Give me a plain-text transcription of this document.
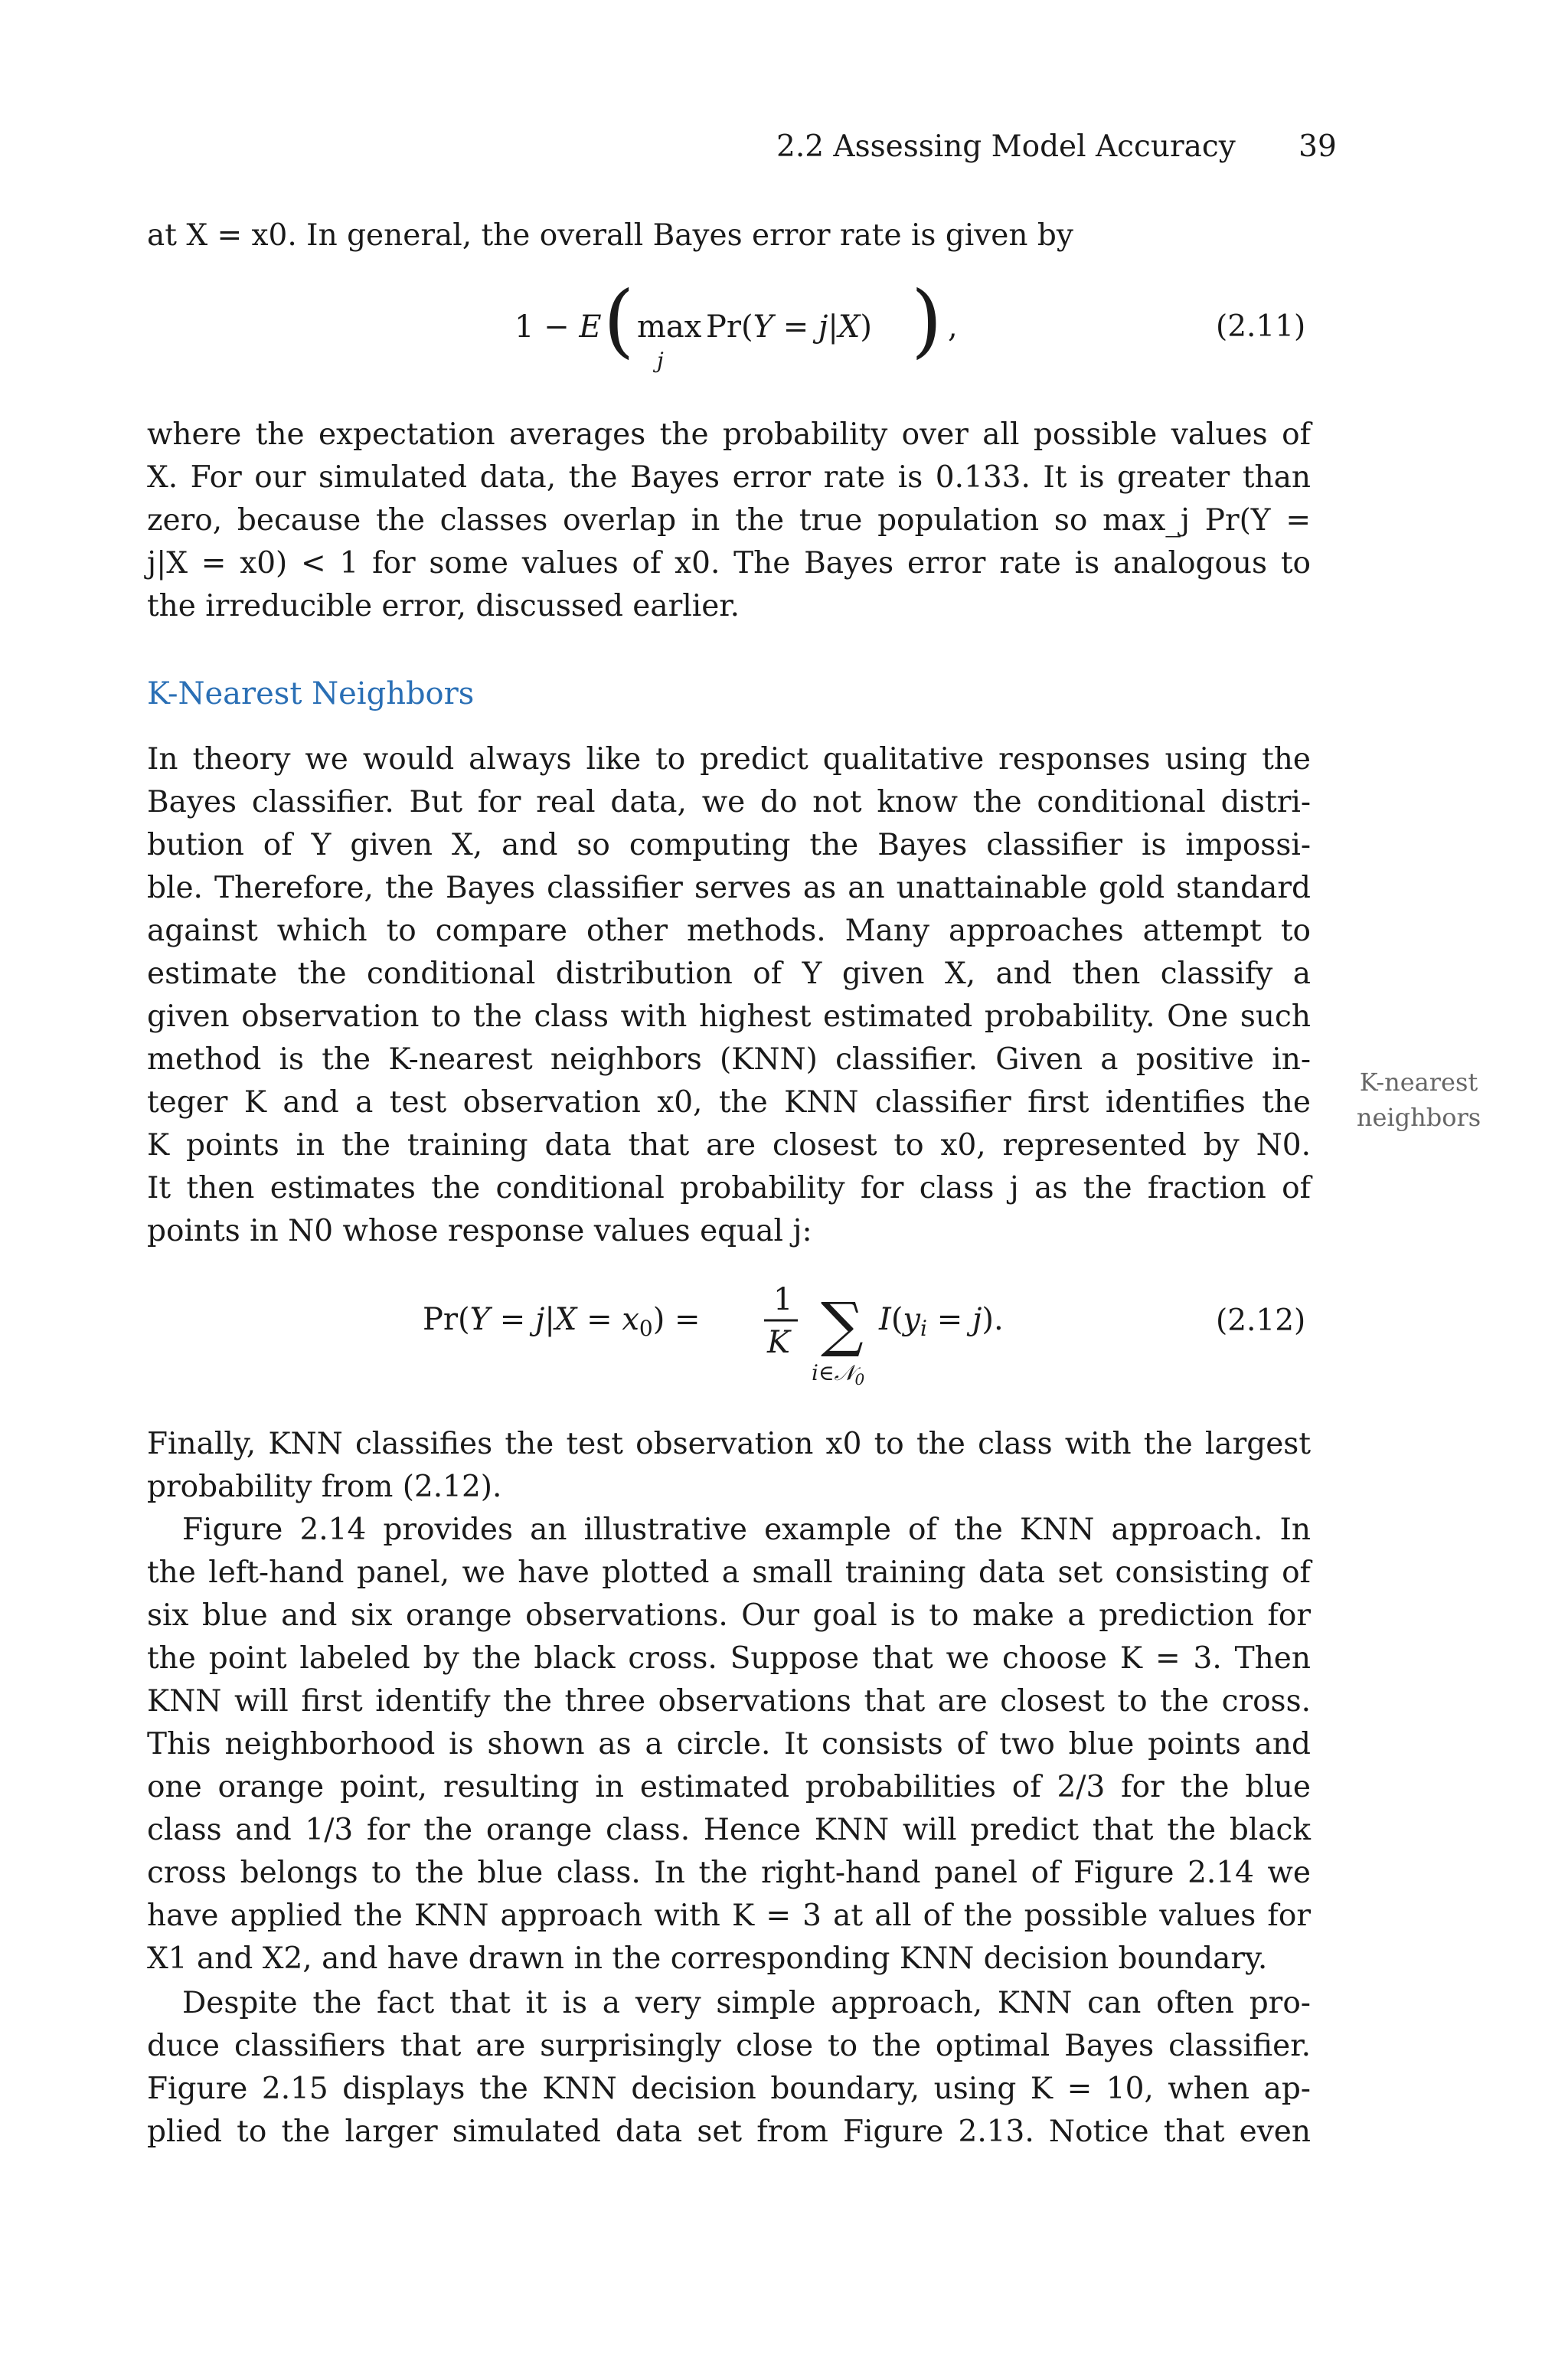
2.2 Assessing Model Accuracy 39
at X = x0. In general, the overall Bayes error rate is given by
1 − E ( max
j
Pr(Y = j|X) ) ,	(2.11)
where the expectation averages the probability over all possible values of
X. For our simulated data, the Bayes error rate is 0.133. It is greater than
zero, because the classes overlap in the true population so max_j Pr(Y =
j|X = x0) < 1 for some values of x0. The Bayes error rate is analogous to
the irreducible error, discussed earlier.
K-Nearest Neighbors
In theory we would always like to predict qualitative responses using the
Bayes classifier. But for real data, we do not know the conditional distri-
bution of Y given X, and so computing the Bayes classifier is impossi-
ble. Therefore, the Bayes classifier serves as an unattainable gold standard
against which to compare other methods. Many approaches attempt to
estimate the conditional distribution of Y given X, and then classify a
given observation to the class with highest estimated probability. One such
method is the K-nearest neighbors (KNN) classifier. Given a positive in-
teger K and a test observation x0, the KNN classifier first identifies the
K points in the training data that are closest to x0, represented by N0.
It then estimates the conditional probability for class j as the fraction of
points in N0 whose response values equal j:
K-nearest
neighbors
$Pr(Y = j|X = x_0)$ =
1
K ∑
i∈𝒩$_0$
$I(y_i = j)$.	(2.12)
Finally, KNN classifies the test observation x0 to the class with the largest
probability from (2.12).
Figure 2.14 provides an illustrative example of the KNN approach. In
the left-hand panel, we have plotted a small training data set consisting of
six blue and six orange observations. Our goal is to make a prediction for
the point labeled by the black cross. Suppose that we choose K = 3. Then
KNN will first identify the three observations that are closest to the cross.
This neighborhood is shown as a circle. It consists of two blue points and
one orange point, resulting in estimated probabilities of 2/3 for the blue
class and 1/3 for the orange class. Hence KNN will predict that the black
cross belongs to the blue class. In the right-hand panel of Figure 2.14 we
have applied the KNN approach with K = 3 at all of the possible values for
X1 and X2, and have drawn in the corresponding KNN decision boundary.
Despite the fact that it is a very simple approach, KNN can often pro-
duce classifiers that are surprisingly close to the optimal Bayes classifier.
Figure 2.15 displays the KNN decision boundary, using K = 10, when ap-
plied to the larger simulated data set from Figure 2.13. Notice that even
